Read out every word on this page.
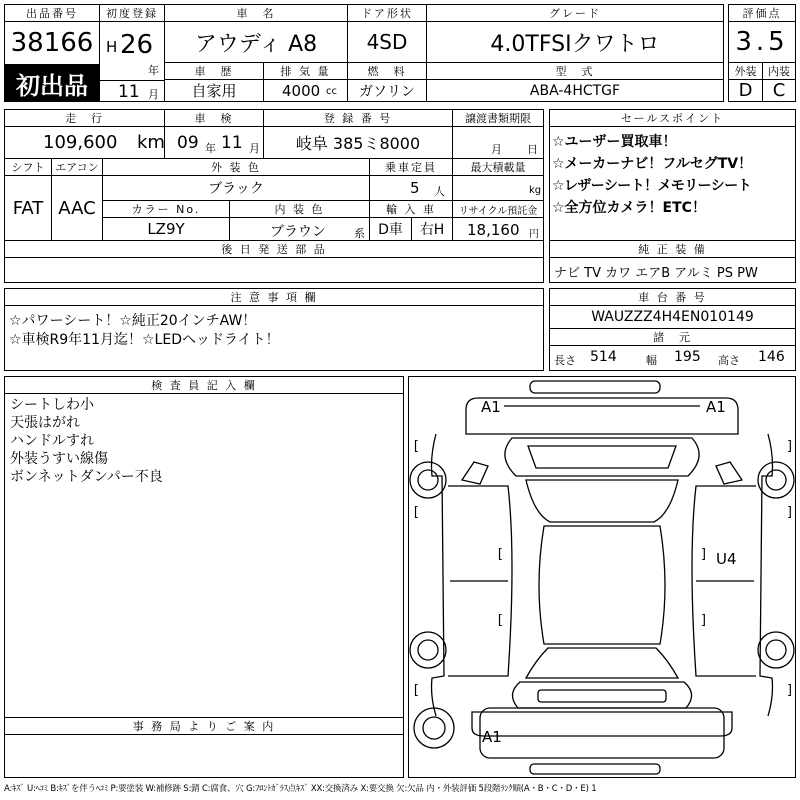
出品番号
38166
初出品
初度登録
H 26
年
11 月
車　名
アウディ A8
車　歴
自家用
排 気 量
4000 cc
ドア形状
4SD
燃　料
ガソリン
グレード
4.0TFSIクワトロ
型　式
ABA-4HCTGF
評価点
3.5
外装	内装
D	C
走　行
109,600 km
車　検
09 年 11 月
登 録 番 号
岐阜 385ミ8000
譲渡書類期限
月 日
シフト
FAT
エアコン
AAC
外 装 色
ブラック
乗車定員
5 人
最大積載量
kg
カラー No.
LZ9Y
内 装 色
ブラウン	系
輸 入 車
D車	右H
リサイクル預託金
18,160 円
後 日 発 送 部 品
セールスポイント
☆ユーザー買取車！
☆メーカーナビ！フルセグTV！
☆レザーシート！メモリーシート
☆全方位カメラ！ETC！
純 正 装 備
ナビ TV カワ エアB アルミ PS PW
注 意 事 項 欄
☆パワーシート！☆純正20インチAW！
☆車検R9年11月迄！☆LEDヘッドライト！
車 台 番 号
WAUZZZ4H4EN010149
諸　元
長さ 514	幅 195 高さ 146
検 査 員 記 入 欄
シートしわ小
天張はがれ
ハンドルすれ
外装うすい線傷
ボンネットダンパー不良
事 務 局 よ り ご 案 内
[	]
[	]
[	]
[	]
[	]
A1	A1
U4
A1
A:ｷｽﾞ U:ﾍｺﾐ B:ｷｽﾞを伴うﾍｺﾐ P:要塗装 W:補修跡 S:錆 C:腐食、穴 G:ﾌﾛﾝﾄｶﾞﾗｽ点ｷｽﾞ XX:交換済み X:要交換 欠:欠品 内・外装評価 5段階ﾗﾝｸ順(A・B・C・D・E) 1
